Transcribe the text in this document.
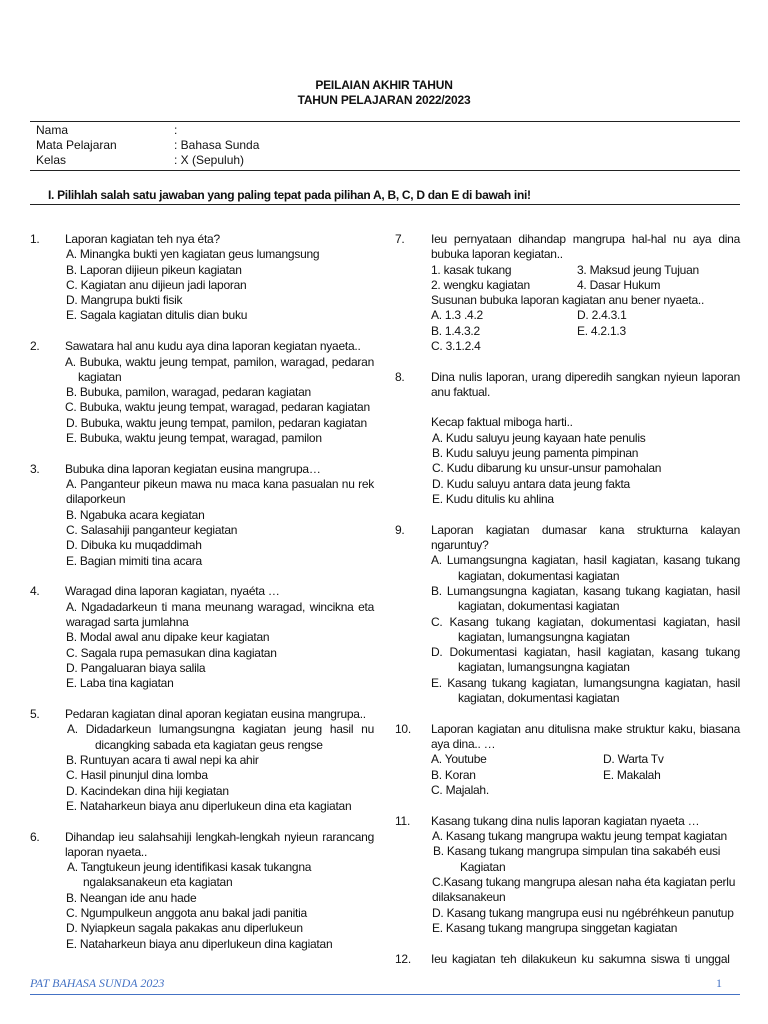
PEILAIAN AKHIR TAHUN
TAHUN PELAJARAN 2022/2023
Nama	:
Mata Pelajaran	: Bahasa Sunda
Kelas	: X (Sepuluh)
I. Pilihlah salah satu jawaban yang paling tepat pada pilihan A, B, C, D dan E di bawah ini!
1. Laporan kagiatan teh nya éta?
A. Minangka bukti yen kagiatan geus lumangsung
B. Laporan dijieun pikeun kagiatan
C. Kagiatan anu dijieun jadi laporan
D. Mangrupa bukti fisik
E. Sagala kagiatan ditulis dian buku
2. Sawatara hal anu kudu aya dina laporan kegiatan nyaeta..
A. Bubuka, waktu jeung tempat, pamilon, waragad, pedaran kagiatan
B. Bubuka, pamilon, waragad, pedaran kagiatan
C. Bubuka, waktu jeung tempat, waragad, pedaran kagiatan
D. Bubuka, waktu jeung tempat, pamilon, pedaran kagiatan
E. Bubuka, waktu jeung tempat, waragad, pamilon
3. Bubuka dina laporan kegiatan eusina mangrupa…
A. Panganteur pikeun mawa nu maca kana pasualan nu rek dilaporkeun
B. Ngabuka acara kegiatan
C. Salasahiji panganteur kegiatan
D. Dibuka ku muqaddimah
E. Bagian mimiti tina acara
4. Waragad dina laporan kagiatan, nyaéta …
A. Ngadadarkeun ti mana meunang waragad, wincikna eta waragad sarta jumlahna
B. Modal awal anu dipake keur kagiatan
C. Sagala rupa pemasukan dina kagiatan
D. Pangaluaran biaya salila
E. Laba tina kagiatan
5. Pedaran kagiatan dinal aporan kegiatan eusina mangrupa..
A. Didadarkeun lumangsungna kagiatan jeung hasil nu dicangking sabada eta kagiatan geus rengse
B. Runtuyan acara ti awal nepi ka ahir
C. Hasil pinunjul dina lomba
D. Kacindekan dina hiji kegiatan
E. Nataharkeun biaya anu diperlukeun dina eta kagiatan
6. Dihandap ieu salahsahiji lengkah-lengkah nyieun rarancang laporan nyaeta..
A. Tangtukeun jeung identifikasi kasak tukangna ngalaksanakeun eta kagiatan
B. Neangan ide anu hade
C. Ngumpulkeun anggota anu bakal jadi panitia
D. Nyiapkeun sagala pakakas anu diperlukeun
E. Nataharkeun biaya anu diperlukeun dina kagiatan
7. Ieu pernyataan dihandap mangrupa hal-hal nu aya dina bubuka laporan kegiatan..
1. kasak tukang	3. Maksud jeung Tujuan
2. wengku kagiatan	4. Dasar Hukum
Susunan bubuka laporan kagiatan anu bener nyaeta..
A. 1.3 .4.2	D. 2.4.3.1
B. 1.4.3.2	E. 4.2.1.3
C. 3.1.2.4
8. Dina nulis laporan, urang diperedih sangkan nyieun laporan anu faktual.
Kecap faktual miboga harti..
A. Kudu saluyu jeung kayaan hate penulis
B. Kudu saluyu jeung pamenta pimpinan
C. Kudu dibarung ku unsur-unsur pamohalan
D. Kudu saluyu antara data jeung fakta
E. Kudu ditulis ku ahlina
9. Laporan kagiatan dumasar kana strukturna kalayan ngaruntuy?
A. Lumangsungna kagiatan, hasil kagiatan, kasang tukang kagiatan, dokumentasi kagiatan
B. Lumangsungna kagiatan, kasang tukang kagiatan, hasil kagiatan, dokumentasi kagiatan
C. Kasang tukang kagiatan, dokumentasi kagiatan, hasil kagiatan, lumangsungna kagiatan
D. Dokumentasi kagiatan, hasil kagiatan, kasang tukang kagiatan, lumangsungna kagiatan
E. Kasang tukang kagiatan, lumangsungna kagiatan, hasil kagiatan, dokumentasi kagiatan
10. Laporan kagiatan anu ditulisna make struktur kaku, biasana aya dina.. …
A. Youtube	D. Warta Tv
B. Koran	E. Makalah
C. Majalah.
11. Kasang tukang dina nulis laporan kagiatan nyaeta …
A. Kasang tukang mangrupa waktu jeung tempat kagiatan
B. Kasang tukang mangrupa simpulan tina sakabéh eusi Kagiatan
C.Kasang tukang mangrupa alesan naha éta kagiatan perlu dilaksanakeun
D. Kasang tukang mangrupa eusi nu ngébréhkeun panutup
E. Kasang tukang mangrupa singgetan kagiatan
12. Ieu kagiatan teh dilakukeun ku sakumna siswa ti unggal
PAT BAHASA SUNDA 2023	1
